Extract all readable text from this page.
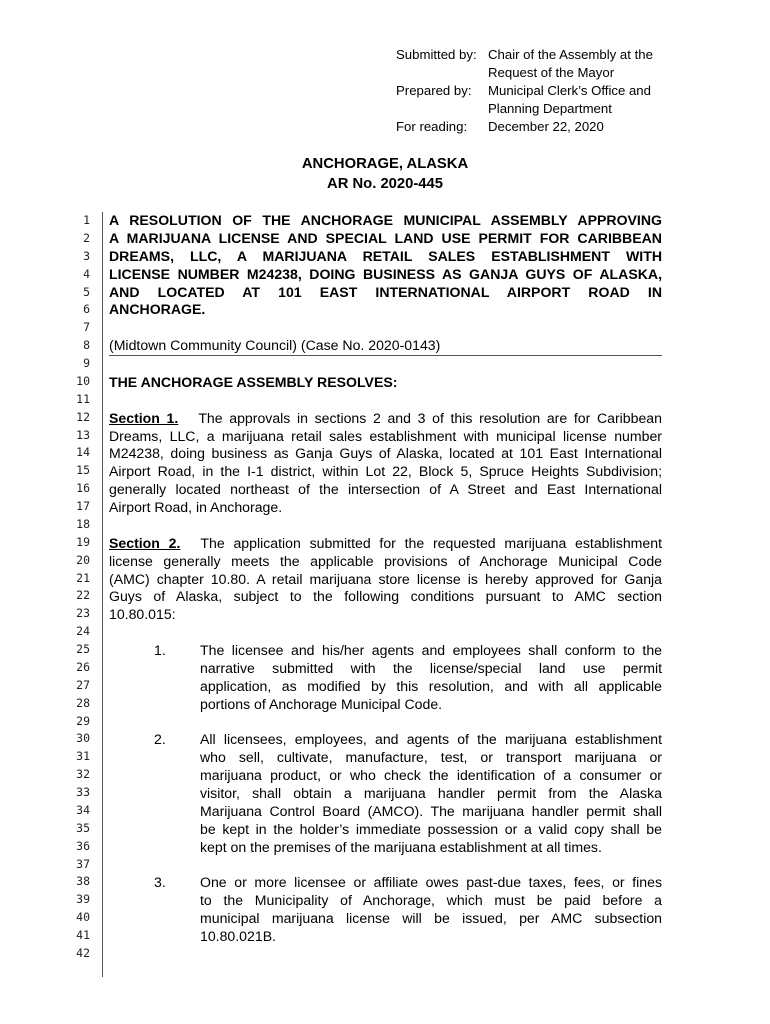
Submitted by: Chair of the Assembly at the
Request of the Mayor
Prepared by:	Municipal Clerk’s Office and
Planning Department
For reading:	December 22, 2020
ANCHORAGE, ALASKA
AR No. 2020-445
1
2
3
4
5
6
7
8
9
10
11
12
13
14
15
16
17
18
19
20
21
22
23
24
25
26
27
28
29
30
31
32
33
34
35
36
37
38
39
40
41
42
A RESOLUTION OF THE ANCHORAGE MUNICIPAL ASSEMBLY APPROVING
A MARIJUANA LICENSE AND SPECIAL LAND USE PERMIT FOR CARIBBEAN
DREAMS, LLC, A MARIJUANA RETAIL SALES ESTABLISHMENT WITH
LICENSE NUMBER M24238, DOING BUSINESS AS GANJA GUYS OF ALASKA,
AND LOCATED AT 101 EAST INTERNATIONAL AIRPORT ROAD IN
ANCHORAGE.
(Midtown Community Council) (Case No. 2020-0143)
THE ANCHORAGE ASSEMBLY RESOLVES:
Section 1. The approvals in sections 2 and 3 of this resolution are for Caribbean
Dreams, LLC, a marijuana retail sales establishment with municipal license number
M24238, doing business as Ganja Guys of Alaska, located at 101 East International
Airport Road, in the I-1 district, within Lot 22, Block 5, Spruce Heights Subdivision;
generally located northeast of the intersection of A Street and East International
Airport Road, in Anchorage.
Section 2. The application submitted for the requested marijuana establishment
license generally meets the applicable provisions of Anchorage Municipal Code
(AMC) chapter 10.80. A retail marijuana store license is hereby approved for Ganja
Guys of Alaska, subject to the following conditions pursuant to AMC section
10.80.015:
1. The licensee and his/her agents and employees shall conform to the
narrative submitted with the license/special land use permit
application, as modified by this resolution, and with all applicable
portions of Anchorage Municipal Code.
2. All licensees, employees, and agents of the marijuana establishment
who sell, cultivate, manufacture, test, or transport marijuana or
marijuana product, or who check the identification of a consumer or
visitor, shall obtain a marijuana handler permit from the Alaska
Marijuana Control Board (AMCO). The marijuana handler permit shall
be kept in the holder’s immediate possession or a valid copy shall be
kept on the premises of the marijuana establishment at all times.
3. One or more licensee or affiliate owes past-due taxes, fees, or fines
to the Municipality of Anchorage, which must be paid before a
municipal marijuana license will be issued, per AMC subsection
10.80.021B.
